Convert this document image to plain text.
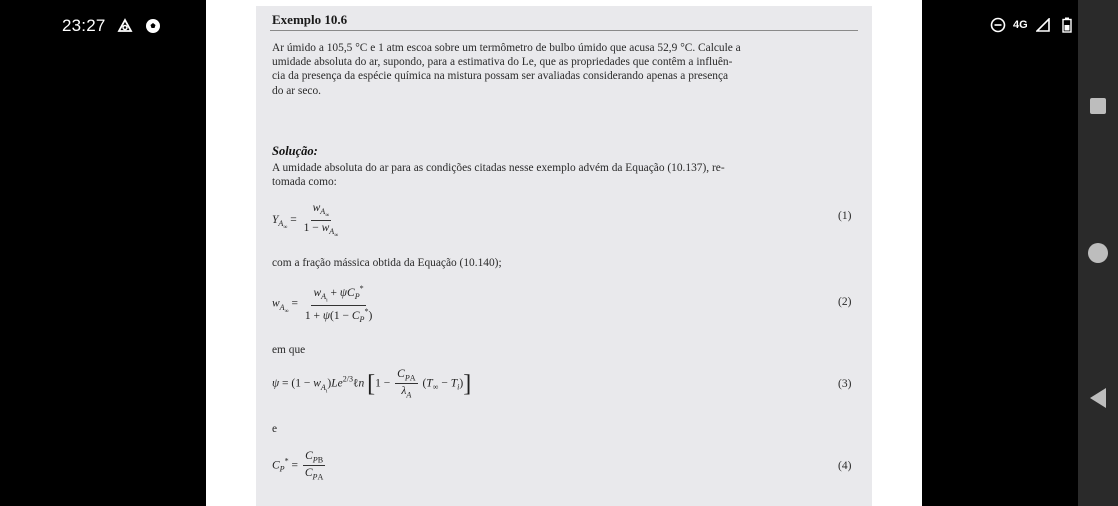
23:27	4G
Exemplo 10.6
Ar úmido a 105,5 °C e 1 atm escoa sobre um termômetro de bulbo úmido que acusa 52,9 °C. Calcule a
umidade absoluta do ar, supondo, para a estimativa do Le, que as propriedades que contêm a influên-
cia da presença da espécie química na mistura possam ser avaliadas considerando apenas a presença
do ar seco.
Solução:
A umidade absoluta do ar para as condições citadas nesse exemplo advém da Equação (10.137), re-
tomada como:
$Y_{A_\infty} = \frac{w_{A_\infty}}{1 - w_{A_\infty}}$	(1)
com a fração mássica obtida da Equação (10.140);
$w_{A_\infty} = \frac{w_{A_i} + \psi C_P^*}{1 + \psi(1 - C_P^*)}$	(2)
em que
$\psi = (1 - w_{A_i})Le^{2/3}\ell n$ $[1 - \frac{C_{PA}}{\lambda_A} (T_\infty - T_i)]$	(3)
e
$C_P^* = \frac{C_{PB}}{C_{PA}}$	(4)
